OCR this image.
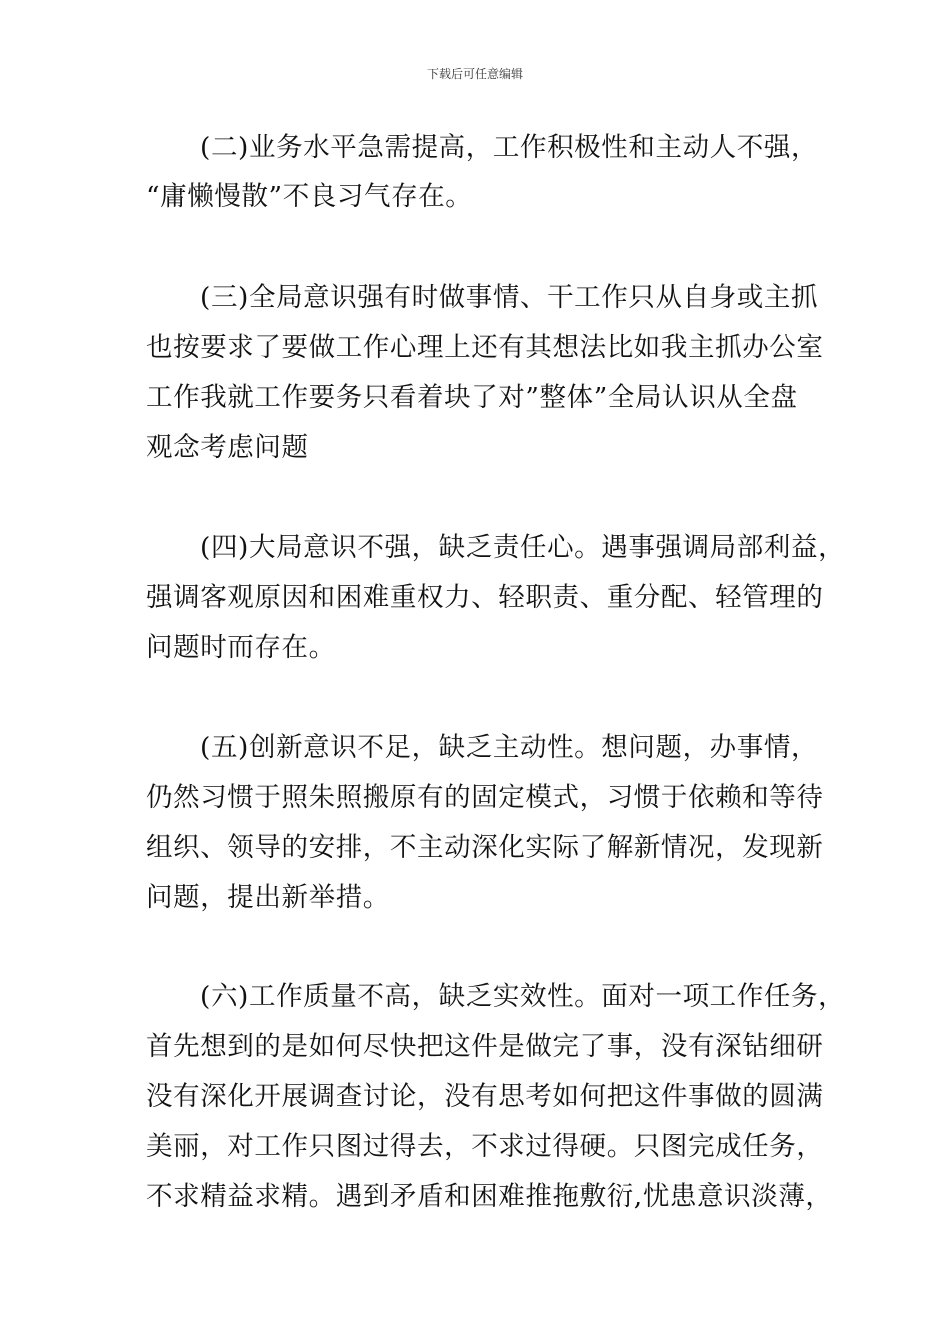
下载后可任意编辑
(二)业务水平急需提高，工作积极性和主动人不强，
“庸懒慢散”不良习气存在。
(三)全局意识强有时做事情、干工作只从自身或主抓
也按要求了要做工作心理上还有其想法比如我主抓办公室
工作我就工作要务只看着块了对”整体”全局认识从全盘
观念考虑问题
(四)大局意识不强，缺乏责任心。遇事强调局部利益，
强调客观原因和困难重权力、轻职责、重分配、轻管理的
问题时而存在。
(五)创新意识不足，缺乏主动性。想问题，办事情，
仍然习惯于照朱照搬原有的固定模式，习惯于依赖和等待
组织、领导的安排，不主动深化实际了解新情况，发现新
问题，提出新举措。
(六)工作质量不高，缺乏实效性。面对一项工作任务，
首先想到的是如何尽快把这件是做完了事，没有深钻细研
没有深化开展调查讨论，没有思考如何把这件事做的圆满
美丽，对工作只图过得去，不求过得硬。只图完成任务，
不求精益求精。遇到矛盾和困难推拖敷衍,忧患意识淡薄，
